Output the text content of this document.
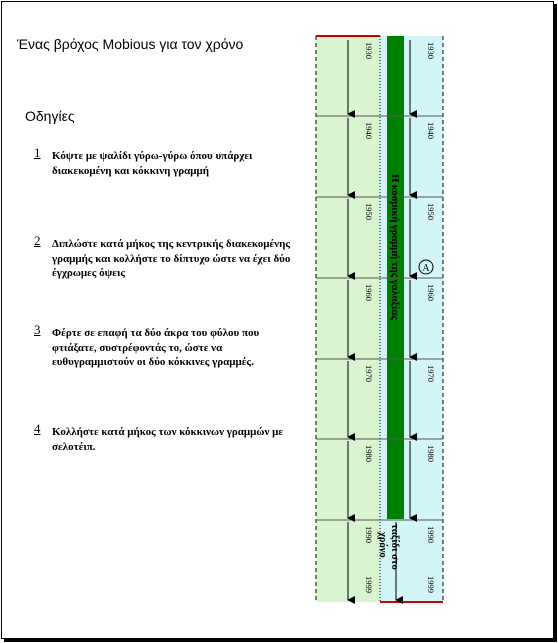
Ένας βρόχος Mobious για τον χρόνο
Οδηγίες
1 Κόψτε με ψαλίδι γύρω-γύρω όπου υπάρχει διακεκομένη και κόκκινη γραμμή
2 Διπλώστε κατά μήκος της κεντρικής διακεκομένης γραμμής και κολλήστε το δίπτυχο ώστε να έχει δύο έγχρωμες όψεις
3 Φέρτε σε επαφή τα δύο άκρα του φύλου που φτιάξατε, συστρέφοντάς το, ώστε να ευθυγραμμιστούν οι δύο κόκκινες γραμμές.
4 Κολλήστε κατά μήκος των κόκκινων γραμμών με σελοτέιπ.
1930
1940
1950
1960
1970
1980
1990
1999
1930
1940
1950
1960
1970
1980
1990
1999
Η κοσμική γραμμή της γαλαξίας
ταξίδι στο
χρόνο
A
